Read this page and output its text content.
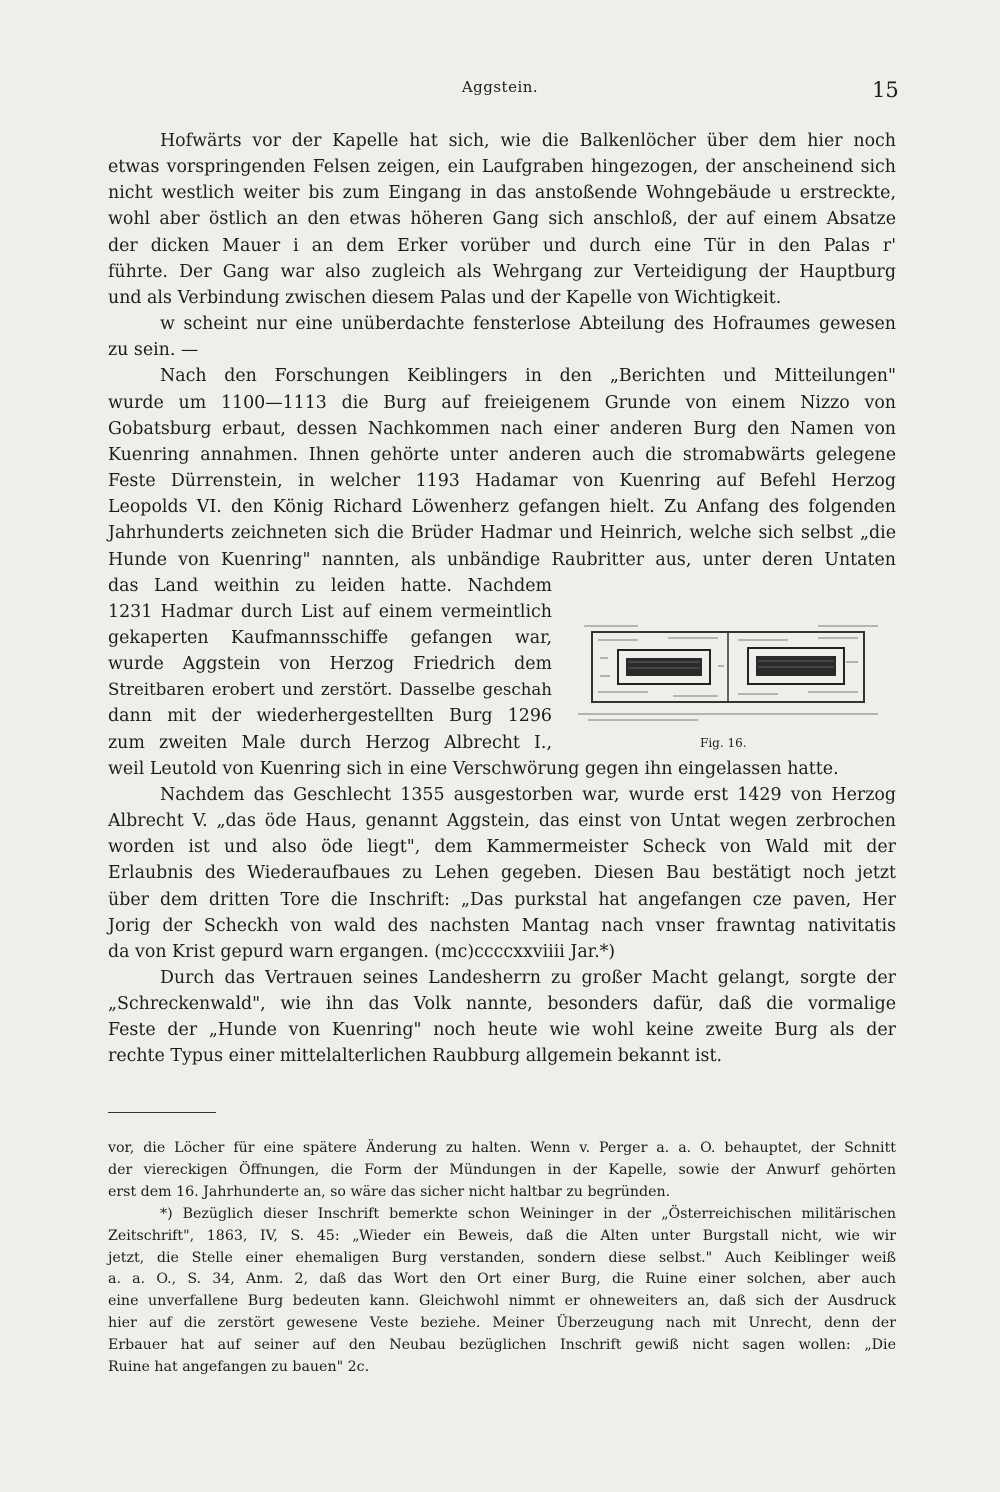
Aggstein.	15
Hofwärts vor der Kapelle hat sich, wie die Balkenlöcher über dem hier noch
etwas vorspringenden Felsen zeigen, ein Laufgraben hingezogen, der anscheinend sich
nicht westlich weiter bis zum Eingang in das anstoßende Wohngebäude u erstreckte,
wohl aber östlich an den etwas höheren Gang sich anschloß, der auf einem Absatze
der dicken Mauer i an dem Erker vorüber und durch eine Tür in den Palas r'
führte. Der Gang war also zugleich als Wehrgang zur Verteidigung der Hauptburg
und als Verbindung zwischen diesem Palas und der Kapelle von Wichtigkeit.
w scheint nur eine unüberdachte fensterlose Abteilung des Hofraumes gewesen
zu sein. —
Nach den Forschungen Keiblingers in den „Berichten und Mitteilungen"
wurde um 1100—1113 die Burg auf freieigenem Grunde von einem Nizzo von
Gobatsburg erbaut, dessen Nachkommen nach einer anderen Burg den Namen von
Kuenring annahmen. Ihnen gehörte unter anderen auch die stromabwärts gelegene
Feste Dürrenstein, in welcher 1193 Hadamar von Kuenring auf Befehl Herzog
Leopolds VI. den König Richard Löwenherz gefangen hielt. Zu Anfang des folgenden
Jahrhunderts zeichneten sich die Brüder Hadmar und Heinrich, welche sich selbst „die
Hunde von Kuenring" nannten, als unbändige Raubritter aus, unter deren Untaten
das Land weithin zu leiden hatte. Nachdem
1231 Hadmar durch List auf einem vermeintlich
gekaperten Kaufmannsschiffe gefangen war,
wurde Aggstein von Herzog Friedrich dem
Streitbaren erobert und zerstört. Dasselbe geschah
dann mit der wiederhergestellten Burg 1296
zum zweiten Male durch Herzog Albrecht I.,
weil Leutold von Kuenring sich in eine Verschwörung gegen ihn eingelassen hatte.
Nachdem das Geschlecht 1355 ausgestorben war, wurde erst 1429 von Herzog
Albrecht V. „das öde Haus, genannt Aggstein, das einst von Untat wegen zerbrochen
worden ist und also öde liegt", dem Kammermeister Scheck von Wald mit der
Erlaubnis des Wiederaufbaues zu Lehen gegeben. Diesen Bau bestätigt noch jetzt
über dem dritten Tore die Inschrift: „Das purkstal hat angefangen cze paven, Her
Jorig der Scheckh von wald des nachsten Mantag nach vnser frawntag nativitatis
da von Krist gepurd warn ergangen. (mc)ccccxxviiii Jar.*)
Durch das Vertrauen seines Landesherrn zu großer Macht gelangt, sorgte der
„Schreckenwald", wie ihn das Volk nannte, besonders dafür, daß die vormalige
Feste der „Hunde von Kuenring" noch heute wie wohl keine zweite Burg als der
rechte Typus einer mittelalterlichen Raubburg allgemein bekannt ist.
Fig. 16.
vor, die Löcher für eine spätere Änderung zu halten. Wenn v. Perger a. a. O. behauptet, der Schnitt
der viereckigen Öffnungen, die Form der Mündungen in der Kapelle, sowie der Anwurf gehörten
erst dem 16. Jahrhunderte an, so wäre das sicher nicht haltbar zu begründen.
*) Bezüglich dieser Inschrift bemerkte schon Weininger in der „Österreichischen militärischen
Zeitschrift", 1863, IV, S. 45: „Wieder ein Beweis, daß die Alten unter Burgstall nicht, wie wir
jetzt, die Stelle einer ehemaligen Burg verstanden, sondern diese selbst." Auch Keiblinger weiß
a. a. O., S. 34, Anm. 2, daß das Wort den Ort einer Burg, die Ruine einer solchen, aber auch
eine unverfallene Burg bedeuten kann. Gleichwohl nimmt er ohneweiters an, daß sich der Ausdruck
hier auf die zerstört gewesene Veste beziehe. Meiner Überzeugung nach mit Unrecht, denn der
Erbauer hat auf seiner auf den Neubau bezüglichen Inschrift gewiß nicht sagen wollen: „Die
Ruine hat angefangen zu bauen" 2c.
